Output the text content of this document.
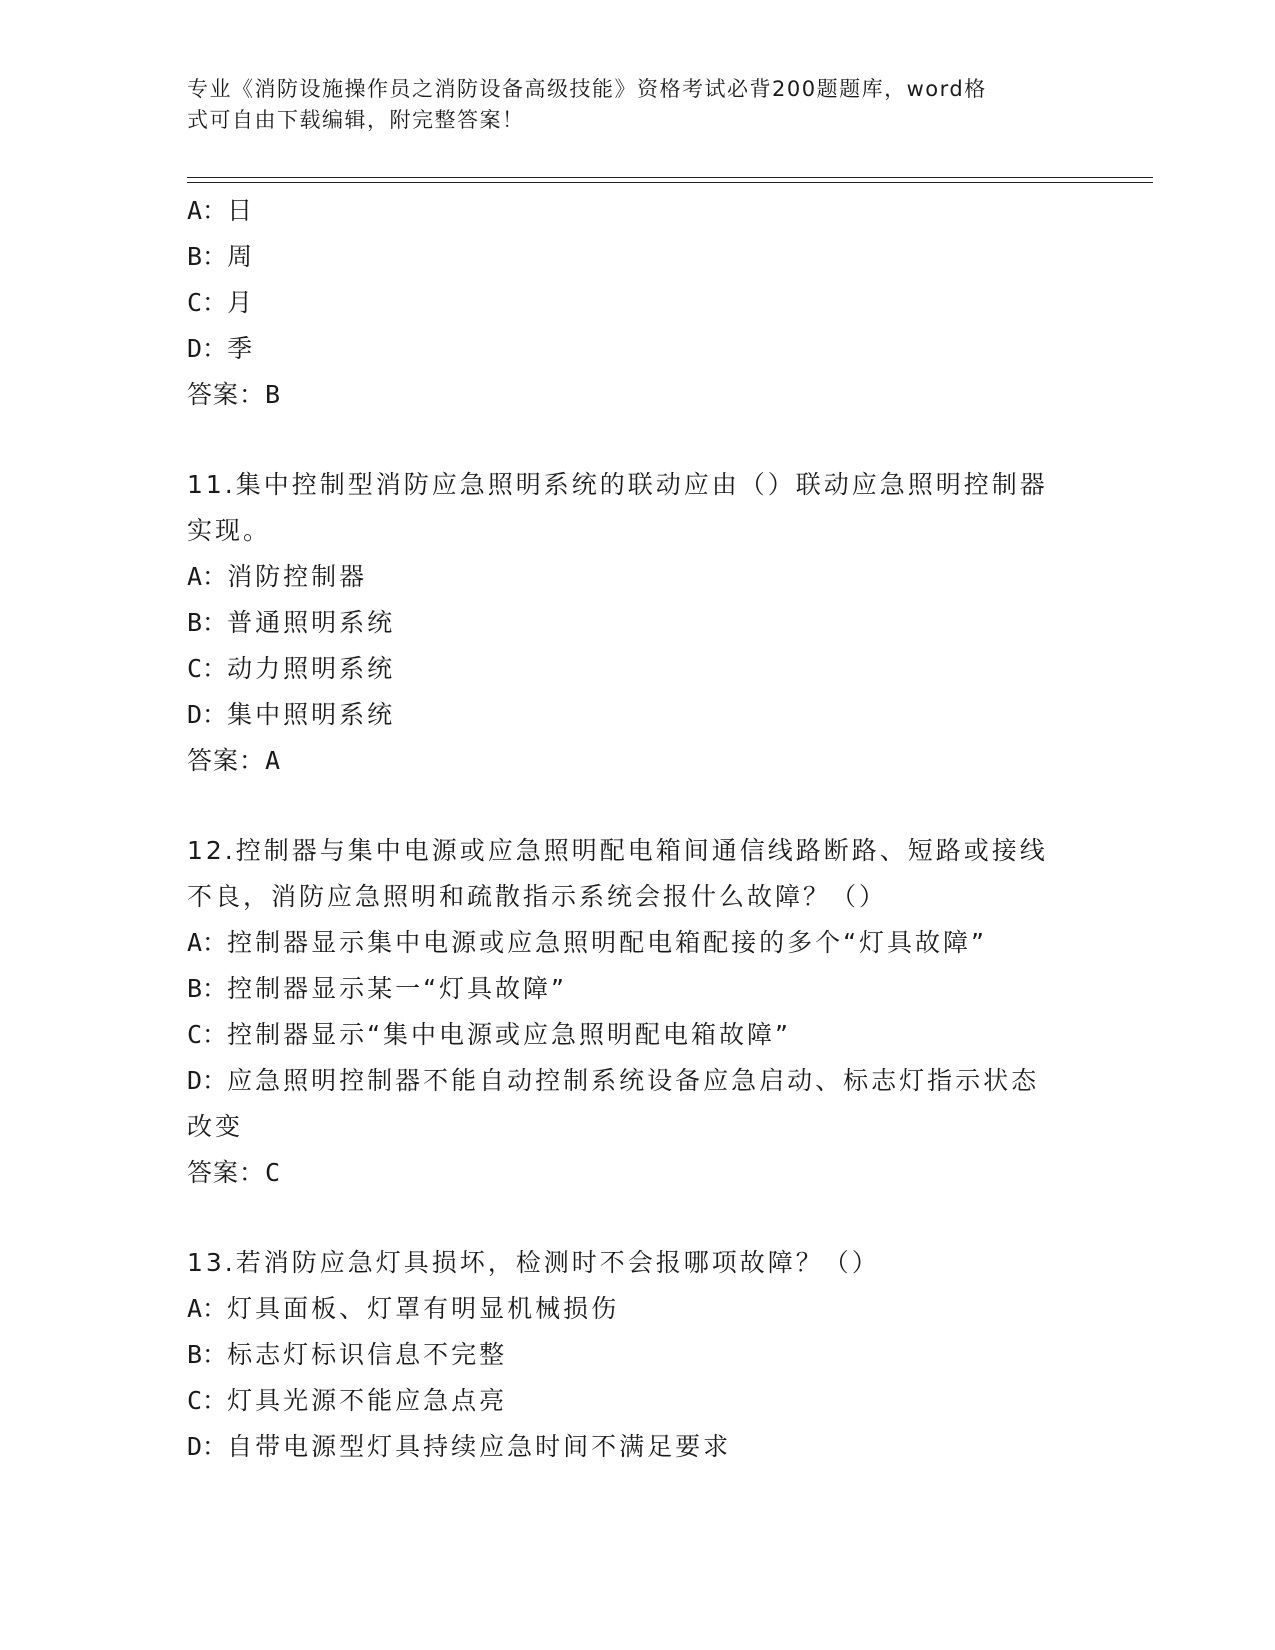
专业《消防设施操作员之消防设备高级技能》资格考试必背200题题库，word格
式可自由下载编辑，附完整答案！
A：日
B：周
C：月
D：季
答案：B
11.集中控制型消防应急照明系统的联动应由（）联动应急照明控制器
实现。
A：消防控制器
B：普通照明系统
C：动力照明系统
D：集中照明系统
答案：A
12.控制器与集中电源或应急照明配电箱间通信线路断路、短路或接线
不良，消防应急照明和疏散指示系统会报什么故障？（）
A：控制器显示集中电源或应急照明配电箱配接的多个“灯具故障”
B：控制器显示某一“灯具故障”
C：控制器显示“集中电源或应急照明配电箱故障”
D：应急照明控制器不能自动控制系统设备应急启动、标志灯指示状态
改变
答案：C
13.若消防应急灯具损坏，检测时不会报哪项故障？（）
A：灯具面板、灯罩有明显机械损伤
B：标志灯标识信息不完整
C：灯具光源不能应急点亮
D：自带电源型灯具持续应急时间不满足要求
